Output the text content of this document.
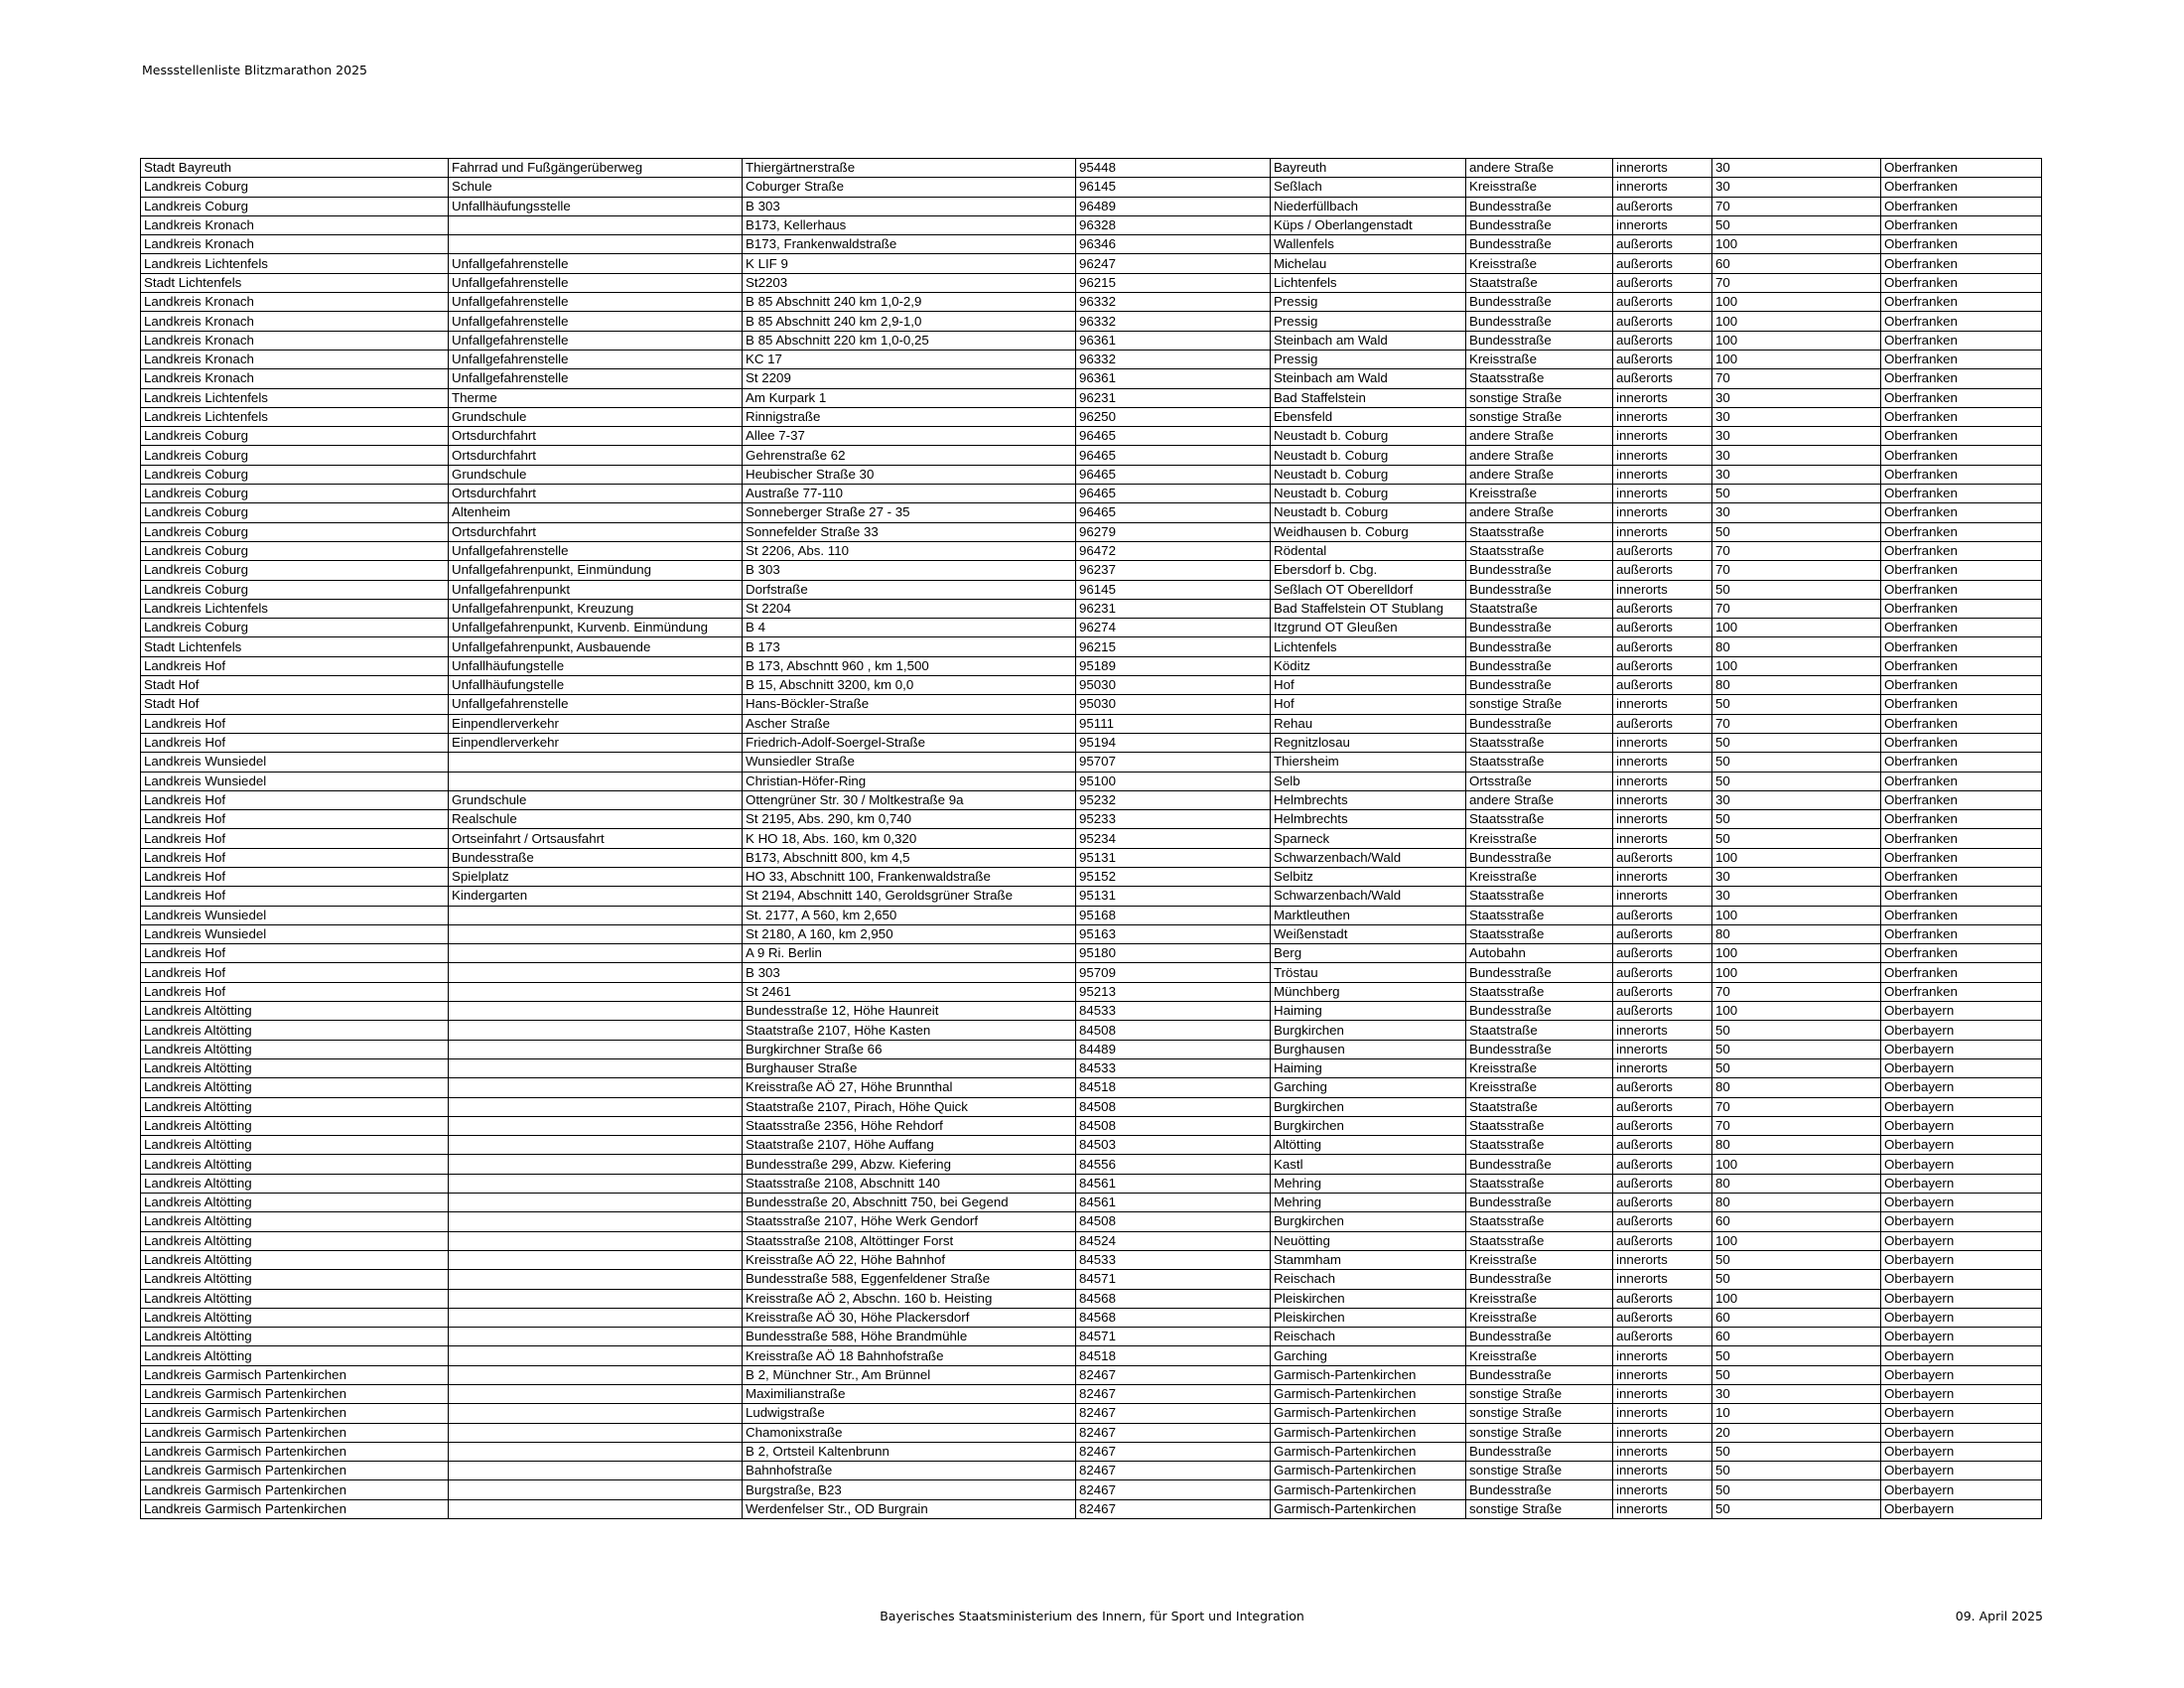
Messstellenliste Blitzmarathon 2025
Stadt Bayreuth	Fahrrad und Fußgängerüberweg	Thiergärtnerstraße	95448	Bayreuth	andere Straße	innerorts	30	Oberfranken
Landkreis Coburg	Schule	Coburger Straße	96145	Seßlach	Kreisstraße	innerorts	30	Oberfranken
Landkreis Coburg	Unfallhäufungsstelle	B 303	96489	Niederfüllbach	Bundesstraße	außerorts	70	Oberfranken
Landkreis Kronach		B173, Kellerhaus	96328	Küps / Oberlangenstadt	Bundesstraße	innerorts	50	Oberfranken
Landkreis Kronach		B173, Frankenwaldstraße	96346	Wallenfels	Bundesstraße	außerorts	100	Oberfranken
Landkreis Lichtenfels	Unfallgefahrenstelle	K LIF 9	96247	Michelau	Kreisstraße	außerorts	60	Oberfranken
Stadt Lichtenfels	Unfallgefahrenstelle	St2203	96215	Lichtenfels	Staatstraße	außerorts	70	Oberfranken
Landkreis Kronach	Unfallgefahrenstelle	B 85 Abschnitt 240 km 1,0-2,9	96332	Pressig	Bundesstraße	außerorts	100	Oberfranken
Landkreis Kronach	Unfallgefahrenstelle	B 85 Abschnitt 240 km 2,9-1,0	96332	Pressig	Bundesstraße	außerorts	100	Oberfranken
Landkreis Kronach	Unfallgefahrenstelle	B 85 Abschnitt 220 km 1,0-0,25	96361	Steinbach am Wald	Bundesstraße	außerorts	100	Oberfranken
Landkreis Kronach	Unfallgefahrenstelle	KC 17	96332	Pressig	Kreisstraße	außerorts	100	Oberfranken
Landkreis Kronach	Unfallgefahrenstelle	St 2209	96361	Steinbach am Wald	Staatsstraße	außerorts	70	Oberfranken
Landkreis Lichtenfels	Therme	Am Kurpark 1	96231	Bad Staffelstein	sonstige Straße	innerorts	30	Oberfranken
Landkreis Lichtenfels	Grundschule	Rinnigstraße	96250	Ebensfeld	sonstige Straße	innerorts	30	Oberfranken
Landkreis Coburg	Ortsdurchfahrt	Allee 7-37	96465	Neustadt b. Coburg	andere Straße	innerorts	30	Oberfranken
Landkreis Coburg	Ortsdurchfahrt	Gehrenstraße 62	96465	Neustadt b. Coburg	andere Straße	innerorts	30	Oberfranken
Landkreis Coburg	Grundschule	Heubischer Straße 30	96465	Neustadt b. Coburg	andere Straße	innerorts	30	Oberfranken
Landkreis Coburg	Ortsdurchfahrt	Austraße 77-110	96465	Neustadt b. Coburg	Kreisstraße	innerorts	50	Oberfranken
Landkreis Coburg	Altenheim	Sonneberger Straße 27 - 35	96465	Neustadt b. Coburg	andere Straße	innerorts	30	Oberfranken
Landkreis Coburg	Ortsdurchfahrt	Sonnefelder Straße 33	96279	Weidhausen b. Coburg	Staatsstraße	innerorts	50	Oberfranken
Landkreis Coburg	Unfallgefahrenstelle	St 2206, Abs. 110	96472	Rödental	Staatsstraße	außerorts	70	Oberfranken
Landkreis Coburg	Unfallgefahrenpunkt, Einmündung	B 303	96237	Ebersdorf b. Cbg.	Bundesstraße	außerorts	70	Oberfranken
Landkreis Coburg	Unfallgefahrenpunkt	Dorfstraße	96145	Seßlach OT Oberelldorf	Bundesstraße	innerorts	50	Oberfranken
Landkreis Lichtenfels	Unfallgefahrenpunkt, Kreuzung	St 2204	96231	Bad Staffelstein OT Stublang	Staatstraße	außerorts	70	Oberfranken
Landkreis Coburg	Unfallgefahrenpunkt, Kurvenb. Einmündung	B 4	96274	Itzgrund OT Gleußen	Bundesstraße	außerorts	100	Oberfranken
Stadt Lichtenfels	Unfallgefahrenpunkt, Ausbauende	B 173	96215	Lichtenfels	Bundesstraße	außerorts	80	Oberfranken
Landkreis Hof	Unfallhäufungstelle	B 173, Abschntt 960 , km 1,500	95189	Köditz	Bundesstraße	außerorts	100	Oberfranken
Stadt Hof	Unfallhäufungstelle	B 15, Abschnitt 3200, km 0,0	95030	Hof	Bundesstraße	außerorts	80	Oberfranken
Stadt Hof	Unfallgefahrenstelle	Hans-Böckler-Straße	95030	Hof	sonstige Straße	innerorts	50	Oberfranken
Landkreis Hof	Einpendlerverkehr	Ascher Straße	95111	Rehau	Bundesstraße	außerorts	70	Oberfranken
Landkreis Hof	Einpendlerverkehr	Friedrich-Adolf-Soergel-Straße	95194	Regnitzlosau	Staatsstraße	innerorts	50	Oberfranken
Landkreis Wunsiedel		Wunsiedler Straße	95707	Thiersheim	Staatsstraße	innerorts	50	Oberfranken
Landkreis Wunsiedel		Christian-Höfer-Ring	95100	Selb	Ortsstraße	innerorts	50	Oberfranken
Landkreis Hof	Grundschule	Ottengrüner Str. 30 / Moltkestraße 9a	95232	Helmbrechts	andere Straße	innerorts	30	Oberfranken
Landkreis Hof	Realschule	St 2195, Abs. 290, km 0,740	95233	Helmbrechts	Staatsstraße	innerorts	50	Oberfranken
Landkreis Hof	Ortseinfahrt / Ortsausfahrt	K HO 18, Abs. 160, km 0,320	95234	Sparneck	Kreisstraße	innerorts	50	Oberfranken
Landkreis Hof	Bundesstraße	B173, Abschnitt 800, km 4,5	95131	Schwarzenbach/Wald	Bundesstraße	außerorts	100	Oberfranken
Landkreis Hof	Spielplatz	HO 33, Abschnitt 100, Frankenwaldstraße	95152	Selbitz	Kreisstraße	innerorts	30	Oberfranken
Landkreis Hof	Kindergarten	St 2194, Abschnitt 140, Geroldsgrüner Straße	95131	Schwarzenbach/Wald	Staatsstraße	innerorts	30	Oberfranken
Landkreis Wunsiedel		St. 2177, A 560, km 2,650	95168	Marktleuthen	Staatsstraße	außerorts	100	Oberfranken
Landkreis Wunsiedel		St 2180, A 160, km 2,950	95163	Weißenstadt	Staatsstraße	außerorts	80	Oberfranken
Landkreis Hof		A 9 Ri. Berlin	95180	Berg	Autobahn	außerorts	100	Oberfranken
Landkreis Hof		B 303	95709	Tröstau	Bundesstraße	außerorts	100	Oberfranken
Landkreis Hof		St 2461	95213	Münchberg	Staatsstraße	außerorts	70	Oberfranken
Landkreis Altötting		Bundesstraße 12, Höhe Haunreit	84533	Haiming	Bundesstraße	außerorts	100	Oberbayern
Landkreis Altötting		Staatstraße 2107, Höhe Kasten	84508	Burgkirchen	Staatstraße	innerorts	50	Oberbayern
Landkreis Altötting		Burgkirchner Straße 66	84489	Burghausen	Bundesstraße	innerorts	50	Oberbayern
Landkreis Altötting		Burghauser Straße	84533	Haiming	Kreisstraße	innerorts	50	Oberbayern
Landkreis Altötting		Kreisstraße AÖ 27, Höhe Brunnthal	84518	Garching	Kreisstraße	außerorts	80	Oberbayern
Landkreis Altötting		Staatstraße 2107, Pirach, Höhe Quick	84508	Burgkirchen	Staatstraße	außerorts	70	Oberbayern
Landkreis Altötting		Staatsstraße 2356, Höhe Rehdorf	84508	Burgkirchen	Staatsstraße	außerorts	70	Oberbayern
Landkreis Altötting		Staatstraße 2107, Höhe Auffang	84503	Altötting	Staatsstraße	außerorts	80	Oberbayern
Landkreis Altötting		Bundesstraße 299, Abzw. Kiefering	84556	Kastl	Bundesstraße	außerorts	100	Oberbayern
Landkreis Altötting		Staatsstraße 2108, Abschnitt 140	84561	Mehring	Staatsstraße	außerorts	80	Oberbayern
Landkreis Altötting		Bundesstraße 20, Abschnitt 750, bei Gegend	84561	Mehring	Bundesstraße	außerorts	80	Oberbayern
Landkreis Altötting		Staatsstraße 2107, Höhe Werk Gendorf	84508	Burgkirchen	Staatsstraße	außerorts	60	Oberbayern
Landkreis Altötting		Staatsstraße 2108, Altöttinger Forst	84524	Neuötting	Staatsstraße	außerorts	100	Oberbayern
Landkreis Altötting		Kreisstraße AÖ 22, Höhe Bahnhof	84533	Stammham	Kreisstraße	innerorts	50	Oberbayern
Landkreis Altötting		Bundesstraße 588, Eggenfeldener Straße	84571	Reischach	Bundesstraße	innerorts	50	Oberbayern
Landkreis Altötting		Kreisstraße AÖ 2, Abschn. 160 b. Heisting	84568	Pleiskirchen	Kreisstraße	außerorts	100	Oberbayern
Landkreis Altötting		Kreisstraße AÖ 30, Höhe Plackersdorf	84568	Pleiskirchen	Kreisstraße	außerorts	60	Oberbayern
Landkreis Altötting		Bundesstraße 588, Höhe Brandmühle	84571	Reischach	Bundesstraße	außerorts	60	Oberbayern
Landkreis Altötting		Kreisstraße AÖ 18 Bahnhofstraße	84518	Garching	Kreisstraße	innerorts	50	Oberbayern
Landkreis Garmisch Partenkirchen		B 2, Münchner Str., Am Brünnel	82467	Garmisch-Partenkirchen	Bundesstraße	innerorts	50	Oberbayern
Landkreis Garmisch Partenkirchen		Maximilianstraße	82467	Garmisch-Partenkirchen	sonstige Straße	innerorts	30	Oberbayern
Landkreis Garmisch Partenkirchen		Ludwigstraße	82467	Garmisch-Partenkirchen	sonstige Straße	innerorts	10	Oberbayern
Landkreis Garmisch Partenkirchen		Chamonixstraße	82467	Garmisch-Partenkirchen	sonstige Straße	innerorts	20	Oberbayern
Landkreis Garmisch Partenkirchen		B 2, Ortsteil Kaltenbrunn	82467	Garmisch-Partenkirchen	Bundesstraße	innerorts	50	Oberbayern
Landkreis Garmisch Partenkirchen		Bahnhofstraße	82467	Garmisch-Partenkirchen	sonstige Straße	innerorts	50	Oberbayern
Landkreis Garmisch Partenkirchen		Burgstraße, B23	82467	Garmisch-Partenkirchen	Bundesstraße	innerorts	50	Oberbayern
Landkreis Garmisch Partenkirchen		Werdenfelser Str., OD Burgrain	82467	Garmisch-Partenkirchen	sonstige Straße	innerorts	50	Oberbayern
Bayerisches Staatsministerium des Innern, für Sport und Integration	09. April 2025
